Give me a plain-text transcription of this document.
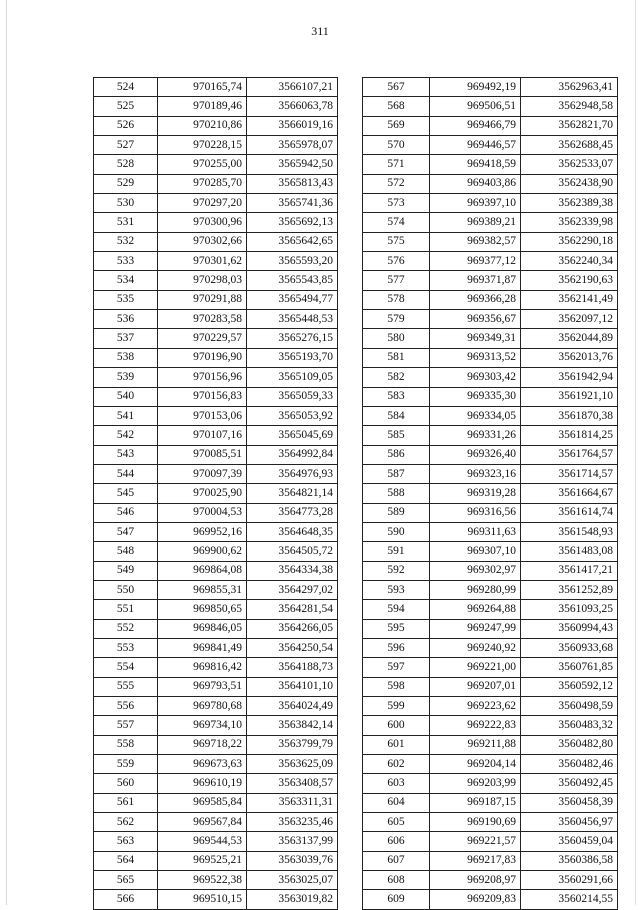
311
524	970165,74	3566107,21
525	970189,46	3566063,78
526	970210,86	3566019,16
527	970228,15	3565978,07
528	970255,00	3565942,50
529	970285,70	3565813,43
530	970297,20	3565741,36
531	970300,96	3565692,13
532	970302,66	3565642,65
533	970301,62	3565593,20
534	970298,03	3565543,85
535	970291,88	3565494,77
536	970283,58	3565448,53
537	970229,57	3565276,15
538	970196,90	3565193,70
539	970156,96	3565109,05
540	970156,83	3565059,33
541	970153,06	3565053,92
542	970107,16	3565045,69
543	970085,51	3564992,84
544	970097,39	3564976,93
545	970025,90	3564821,14
546	970004,53	3564773,28
547	969952,16	3564648,35
548	969900,62	3564505,72
549	969864,08	3564334,38
550	969855,31	3564297,02
551	969850,65	3564281,54
552	969846,05	3564266,05
553	969841,49	3564250,54
554	969816,42	3564188,73
555	969793,51	3564101,10
556	969780,68	3564024,49
557	969734,10	3563842,14
558	969718,22	3563799,79
559	969673,63	3563625,09
560	969610,19	3563408,57
561	969585,84	3563311,31
562	969567,84	3563235,46
563	969544,53	3563137,99
564	969525,21	3563039,76
565	969522,38	3563025,07
566	969510,15	3563019,82
567	969492,19	3562963,41
568	969506,51	3562948,58
569	969466,79	3562821,70
570	969446,57	3562688,45
571	969418,59	3562533,07
572	969403,86	3562438,90
573	969397,10	3562389,38
574	969389,21	3562339,98
575	969382,57	3562290,18
576	969377,12	3562240,34
577	969371,87	3562190,63
578	969366,28	3562141,49
579	969356,67	3562097,12
580	969349,31	3562044,89
581	969313,52	3562013,76
582	969303,42	3561942,94
583	969335,30	3561921,10
584	969334,05	3561870,38
585	969331,26	3561814,25
586	969326,40	3561764,57
587	969323,16	3561714,57
588	969319,28	3561664,67
589	969316,56	3561614,74
590	969311,63	3561548,93
591	969307,10	3561483,08
592	969302,97	3561417,21
593	969280,99	3561252,89
594	969264,88	3561093,25
595	969247,99	3560994,43
596	969240,92	3560933,68
597	969221,00	3560761,85
598	969207,01	3560592,12
599	969223,62	3560498,59
600	969222,83	3560483,32
601	969211,88	3560482,80
602	969204,14	3560482,46
603	969203,99	3560492,45
604	969187,15	3560458,39
605	969190,69	3560456,97
606	969221,57	3560459,04
607	969217,83	3560386,58
608	969208,97	3560291,66
609	969209,83	3560214,55
